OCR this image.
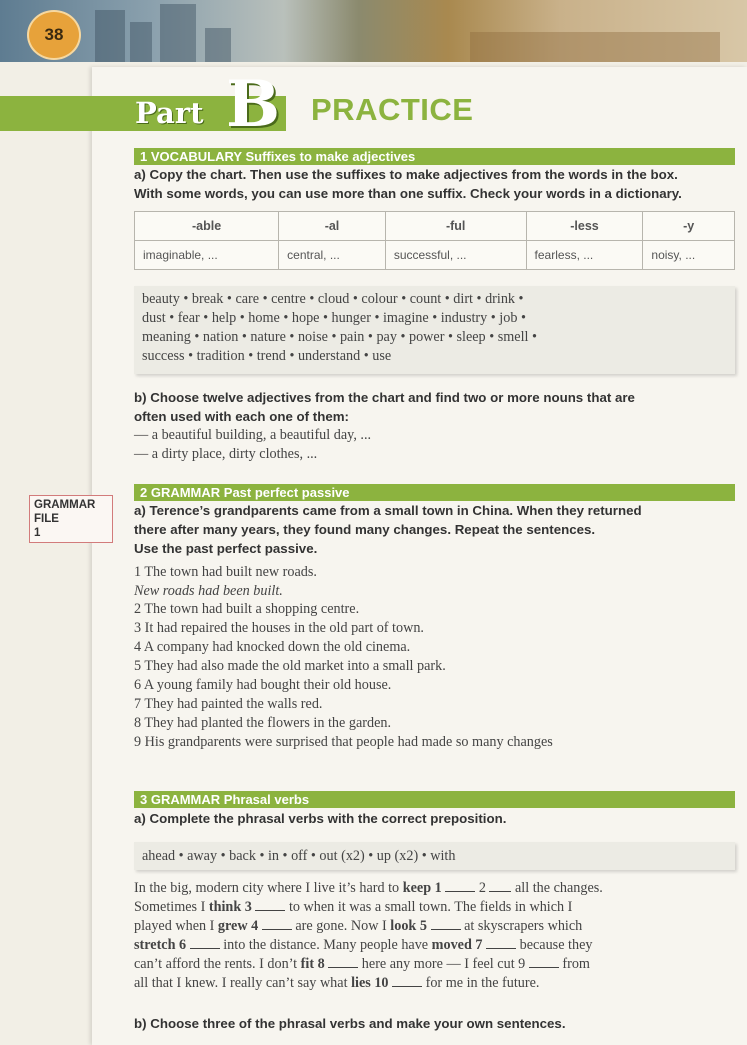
38
Part B PRACTICE
1 VOCABULARY Suffixes to make adjectives
a) Copy the chart. Then use the suffixes to make adjectives from the words in the box.
With some words, you can use more than one suffix. Check your words in a dictionary.
-able	-al	-ful	-less	-y
imaginable, ...	central, ...	successful, ...	fearless, ...	noisy, ...
beauty • break • care • centre • cloud • colour • count • dirt • drink •
dust • fear • help • home • hope • hunger • imagine • industry • job •
meaning • nation • nature • noise • pain • pay • power • sleep • smell •
success • tradition • trend • understand • use
b) Choose twelve adjectives from the chart and find two or more nouns that are
often used with each one of them:
— a beautiful building, a beautiful day, ...
— a dirty place, dirty clothes, ...
GRAMMAR
FILE
1
2 GRAMMAR Past perfect passive
a) Terence’s grandparents came from a small town in China. When they returned
there after many years, they found many changes. Repeat the sentences.
Use the past perfect passive.
1 The town had built new roads.
New roads had been built.
2 The town had built a shopping centre.
3 It had repaired the houses in the old part of town.
4 A company had knocked down the old cinema.
5 They had also made the old market into a small park.
6 A young family had bought their old house.
7 They had painted the walls red.
8 They had planted the flowers in the garden.
9 His grandparents were surprised that people had made so many changes
3 GRAMMAR Phrasal verbs
a) Complete the phrasal verbs with the correct preposition.
ahead • away • back • in • off • out (x2) • up (x2) • with
In the big, modern city where I live it’s hard to keep 1  2  all the changes.
Sometimes I think 3  to when it was a small town. The fields in which I
played when I grew 4  are gone. Now I look 5  at skyscrapers which
stretch 6  into the distance. Many people have moved 7  because they
can’t afford the rents. I don’t fit 8  here any more — I feel cut 9  from
all that I knew. I really can’t say what lies 10  for me in the future.
b) Choose three of the phrasal verbs and make your own sentences.
